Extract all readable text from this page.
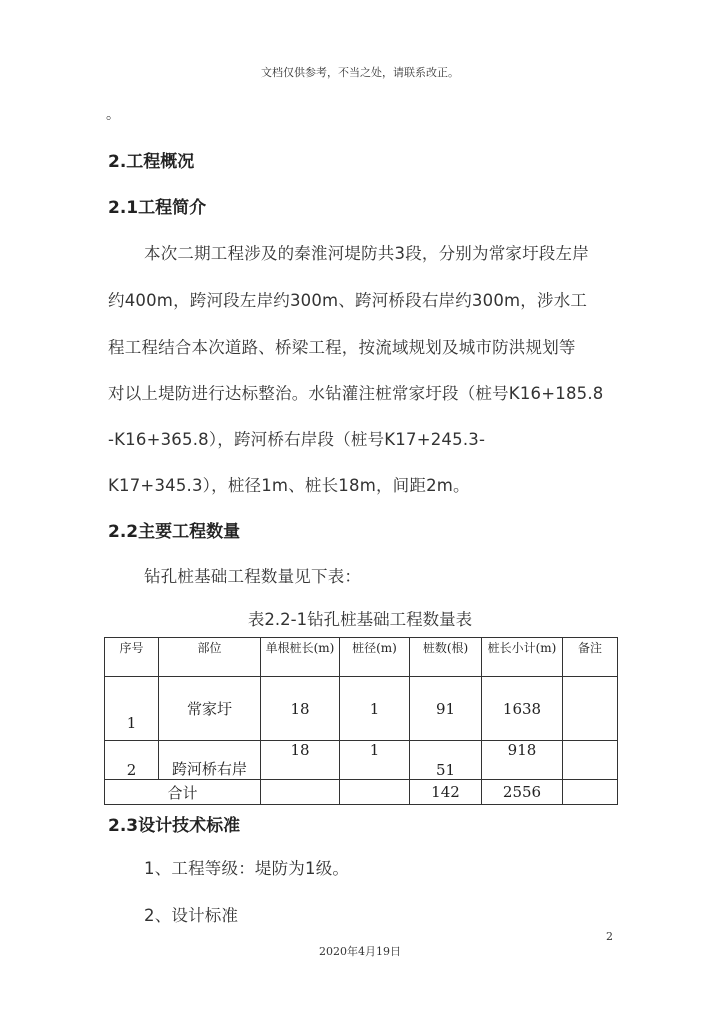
文档仅供参考，不当之处，请联系改正。
。
2.工程概况
2.1工程简介
本次二期工程涉及的秦淮河堤防共3段，分别为常家圩段左岸
约400m，跨河段左岸约300m、跨河桥段右岸约300m，涉水工
程工程结合本次道路、桥梁工程，按流域规划及城市防洪规划等
对以上堤防进行达标整治。水钻灌注桩常家圩段（桩号K16+185.8
-K16+365.8），跨河桥右岸段（桩号K17+245.3-
K17+345.3），桩径1m、桩长18m，间距2m。
2.2主要工程数量
钻孔桩基础工程数量见下表：
表2.2-1钻孔桩基础工程数量表
序号	部位	单根桩长(m)	桩径(m)	桩数(根)	桩长小计(m)	备注
1	常家圩	18	1	91	1638	
2	跨河桥右岸	18	1	51	918	
合计				142	2556	
2.3设计技术标准
1、工程等级：堤防为1级。
2、设计标准
2
2020年4月19日
